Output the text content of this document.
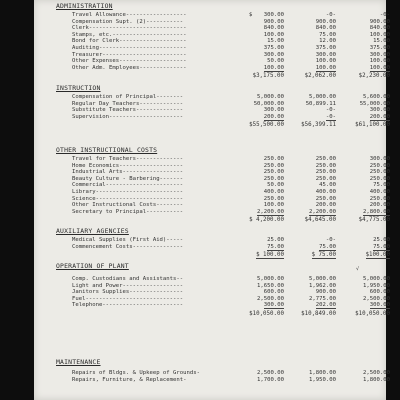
ADMINISTRATION
Travel Allowance------------------	$	300.00	-0-	-0-
Compensation Supt. (2)-----------	900.00	900.00	900.00
Clerk-----------------------------	840.00	840.00	840.00
Stamps, etc.----------------------	100.00	75.00	100.00
Bond for Clerk--------------------	15.00	12.00	15.00
Auditing--------------------------	375.00	375.00	375.00
Treasurer-------------------------	300.00	300.00	300.00
Other Expenses--------------------	50.00	100.00	100.00
Other Adm. Employees--------------	100.00	100.00	100.00
$3,175.00	$2,062.00	$2,230.00
INSTRUCTION
Compensation of Principal--------	5,000.00	5,000.00	5,600.00
Regular Day Teachers-------------	50,000.00	50,899.11	55,000.00
Substitute Teachers--------------	300.00	-0-	300.00
Supervision----------------------	200.00	-0-	200.00
$55,500.00	$56,399.11	$61,100.00
OTHER INSTRUCTIONAL COSTS
Travel for Teachers--------------	250.00	250.00	300.00
Home Economics-------------------	250.00	250.00	250.00
Industrial Arts------------------	250.00	250.00	250.00
Beauty Culture - Barbering-------	250.00	250.00	250.00
Commercial-----------------------	50.00	45.00	75.00
Library--------------------------	400.00	400.00	400.00
Science--------------------------	250.00	250.00	250.00
Other Instructional Costs--------	100.00	200.00	200.00
Secretary to Principal-----------	2,200.00	2,200.00	2,800.00
$ 4,200.00	$4,645.00	$4,775.00
AUXILIARY AGENCIES
Medical Supplies (First Aid)-----	25.00	-0-	25.00
Commencement Costs---------------	75.00	75.00	75.00
$ 100.00	$ 75.00	$100.00
OPERATION OF PLANT	√
Comp. Custodians and Assistants--	5,000.00	5,000.00	5,000.00
Light and Power------------------	1,650.00	1,962.00	1,950.00
Janitors Supplies----------------	600.00	900.00	600.00
Fuel-----------------------------	2,500.00	2,775.00	2,500.00
Telephone------------------------	300.00	202.00	300.00
$10,050.00	$10,849.00	$10,050.00
MAINTENANCE
Repairs of Bldgs. & Upkeep of Grounds-	2,500.00	1,800.00	2,500.00
Repairs, Furniture, & Replacement-	1,700.00	1,950.00	1,800.00
